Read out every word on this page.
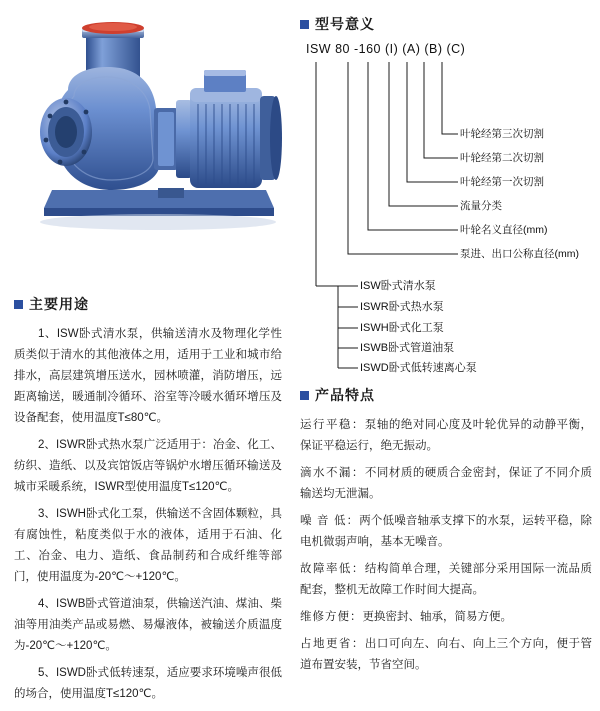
主要用途

1、ISW卧式清水泵，供输送清水及物理化学性质类似于清水的其他液体之用，适用于工业和城市给排水，高层建筑增压送水，园林喷灌，消防增压，远距离输送，暖通制冷循环、浴室等冷暖水循环增压及设备配套，使用温度T≤80℃。

2、ISWR卧式热水泵广泛适用于：冶金、化工、纺织、造纸、以及宾馆饭店等锅炉水增压循环输送及城市采暖系统，ISWR型使用温度T≤120℃。

3、ISWH卧式化工泵，供输送不含固体颗粒，具有腐蚀性，粘度类似于水的液体，适用于石油、化工、冶金、电力、造纸、食品制药和合成纤维等部门，使用温度为-20℃～+120℃。

4、ISWB卧式管道油泵，供输送汽油、煤油、柴油等用油类产品或易燃、易爆液体，被输送介质温度为-20℃～+120℃。

5、ISWD卧式低转速泵，适应要求环境噪声很低的场合，使用温度T≤120℃。

型号意义
ISW 80 -160 (I) (A) (B) (C)
叶轮经第三次切割
叶轮经第二次切割
叶轮经第一次切割
流量分类
叶轮名义直径(mm)
泵进、出口公称直径(mm)
ISW卧式清水泵
ISWR卧式热水泵
ISWH卧式化工泵
ISWB卧式管道油泵
ISWD卧式低转速离心泵
产品特点

运行平稳：泵轴的绝对同心度及叶轮优异的动静平衡，保证平稳运行，绝无振动。

滴水不漏：不同材质的硬质合金密封，保证了不同介质输送均无泄漏。

噪 音 低：两个低噪音轴承支撑下的水泵，运转平稳，除电机微弱声响，基本无噪音。

故障率低：结构简单合理，关键部分采用国际一流品质配套，整机无故障工作时间大提高。

维修方便：更换密封、轴承，简易方便。

占地更省：出口可向左、向右、向上三个方向，便于管道布置安装，节省空间。
